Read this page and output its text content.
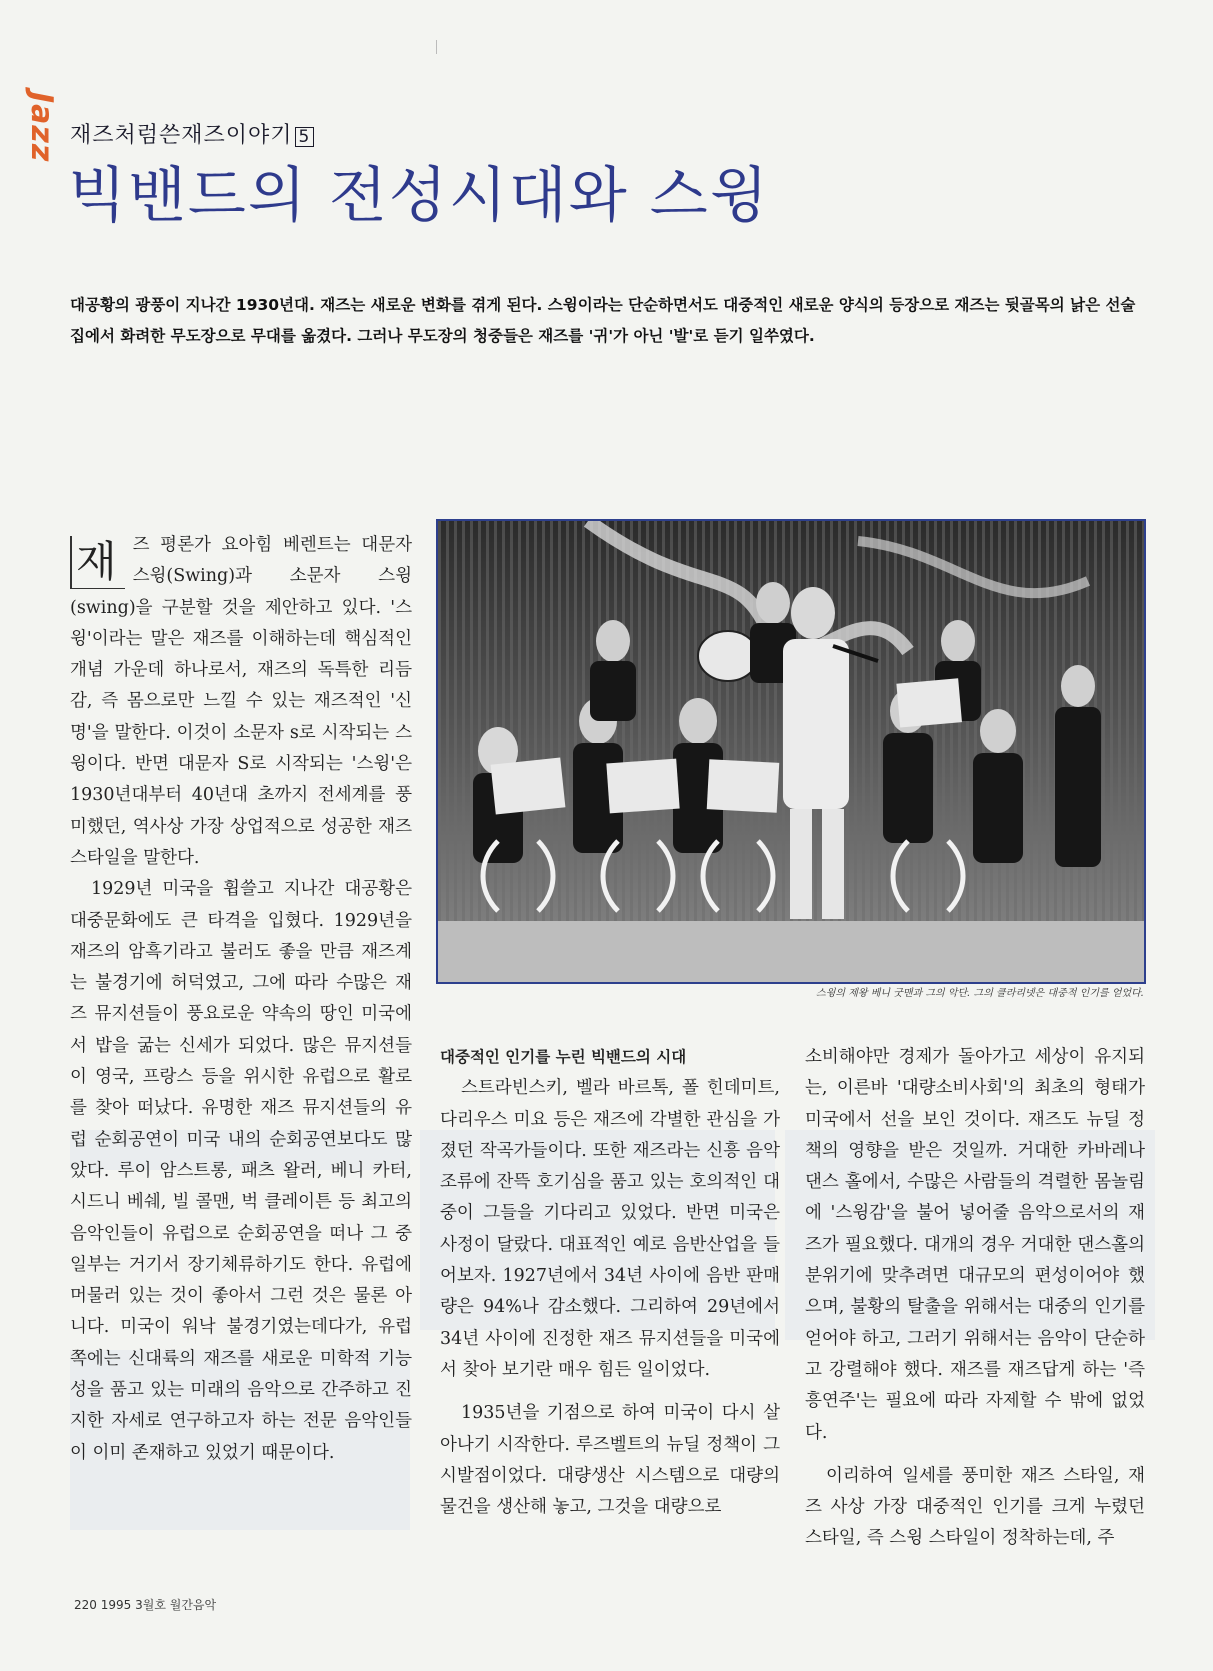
Jazz 재즈처럼쓴재즈이야기 5
빅밴드의 전성시대와 스윙
대공황의 광풍이 지나간 1930년대. 재즈는 새로운 변화를 겪게 된다. 스윙이라는 단순하면서도 대중적인 새로운 양식의 등장으로 재즈는 뒷골목의 낡은 선술집에서 화려한 무도장으로 무대를 옮겼다. 그러나 무도장의 청중들은 재즈를 '귀'가 아닌 '발'로 듣기 일쑤였다.

재 즈 평론가 요아힘 베렌트는 대문자 스윙(Swing)과 소문자 스윙(swing)을 구분할 것을 제안하고 있다. '스윙'이라는 말은 재즈를 이해하는데 핵심적인 개념 가운데 하나로서, 재즈의 독특한 리듬감, 즉 몸으로만 느낄 수 있는 재즈적인 '신명'을 말한다. 이것이 소문자 s로 시작되는 스윙이다. 반면 대문자 S로 시작되는 '스윙'은 1930년대부터 40년대 초까지 전세계를 풍미했던, 역사상 가장 상업적으로 성공한 재즈 스타일을 말한다.

1929년 미국을 휩쓸고 지나간 대공황은 대중문화에도 큰 타격을 입혔다. 1929년을 재즈의 암흑기라고 불러도 좋을 만큼 재즈계는 불경기에 허덕였고, 그에 따라 수많은 재즈 뮤지션들이 풍요로운 약속의 땅인 미국에서 밥을 굶는 신세가 되었다. 많은 뮤지션들이 영국, 프랑스 등을 위시한 유럽으로 활로를 찾아 떠났다. 유명한 재즈 뮤지션들의 유럽 순회공연이 미국 내의 순회공연보다도 많았다. 루이 암스트롱, 패츠 왈러, 베니 카터, 시드니 베쉐, 빌 콜맨, 벅 클레이튼 등 최고의 음악인들이 유럽으로 순회공연을 떠나 그 중 일부는 거기서 장기체류하기도 한다. 유럽에 머물러 있는 것이 좋아서 그런 것은 물론 아니다. 미국이 워낙 불경기였는데다가, 유럽 쪽에는 신대륙의 재즈를 새로운 미학적 기능성을 품고 있는 미래의 음악으로 간주하고 진지한 자세로 연구하고자 하는 전문 음악인들이 이미 존재하고 있었기 때문이다.

스윙의 제왕 베니 굿맨과 그의 악단. 그의 클라리넷은 대중적 인기를 얻었다.

대중적인 인기를 누린 빅밴드의 시대

스트라빈스키, 벨라 바르톡, 폴 힌데미트, 다리우스 미요 등은 재즈에 각별한 관심을 가졌던 작곡가들이다. 또한 재즈라는 신흥 음악조류에 잔뜩 호기심을 품고 있는 호의적인 대중이 그들을 기다리고 있었다. 반면 미국은 사정이 달랐다. 대표적인 예로 음반산업을 들어보자. 1927년에서 34년 사이에 음반 판매량은 94%나 감소했다. 그리하여 29년에서 34년 사이에 진정한 재즈 뮤지션들을 미국에서 찾아 보기란 매우 힘든 일이었다.

1935년을 기점으로 하여 미국이 다시 살아나기 시작한다. 루즈벨트의 뉴딜 정책이 그 시발점이었다. 대량생산 시스템으로 대량의 물건을 생산해 놓고, 그것을 대량으로

소비해야만 경제가 돌아가고 세상이 유지되는, 이른바 '대량소비사회'의 최초의 형태가 미국에서 선을 보인 것이다. 재즈도 뉴딜 정책의 영향을 받은 것일까. 거대한 카바레나 댄스 홀에서, 수많은 사람들의 격렬한 몸놀림에 '스윙감'을 불어 넣어줄 음악으로서의 재즈가 필요했다. 대개의 경우 거대한 댄스홀의 분위기에 맞추려면 대규모의 편성이어야 했으며, 불황의 탈출을 위해서는 대중의 인기를 얻어야 하고, 그러기 위해서는 음악이 단순하고 강렬해야 했다. 재즈를 재즈답게 하는 '즉흥연주'는 필요에 따라 자제할 수 밖에 없었다.

이리하여 일세를 풍미한 재즈 스타일, 재즈 사상 가장 대중적인 인기를 크게 누렸던 스타일, 즉 스윙 스타일이 정착하는데, 주

220 1995 3월호 월간음악
